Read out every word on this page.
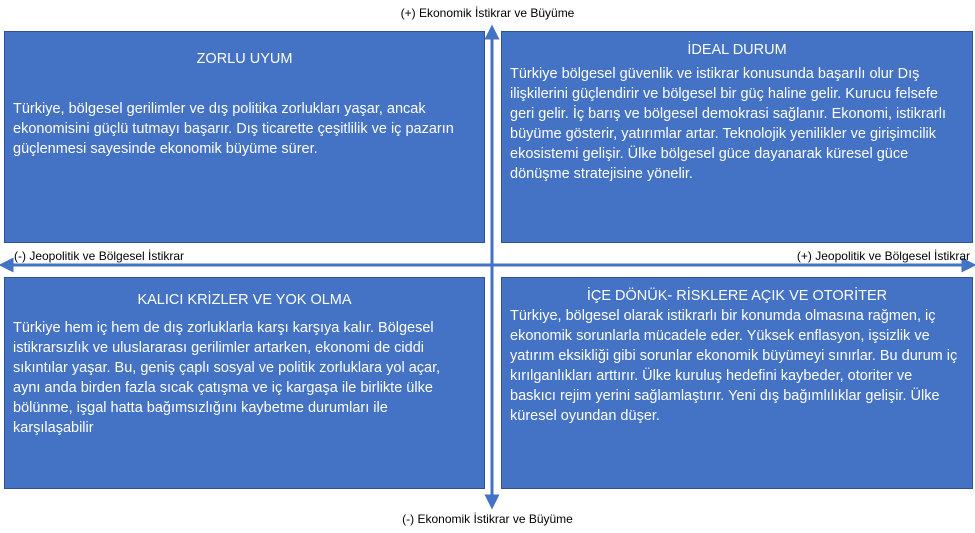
(+) Ekonomik İstikrar ve Büyüme
(-) Ekonomik İstikrar ve Büyüme
(-) Jeopolitik ve Bölgesel İstikrar	(+) Jeopolitik ve Bölgesel İstikrar
ZORLU UYUM
Türkiye, bölgesel gerilimler ve dış politika zorlukları yaşar, ancak ekonomisini güçlü tutmayı başarır. Dış ticarette çeşitlilik ve iç pazarın güçlenmesi sayesinde ekonomik büyüme sürer.
İDEAL DURUM
Türkiye bölgesel güvenlik ve istikrar konusunda başarılı olur Dış ilişkilerini güçlendirir ve bölgesel bir güç haline gelir. Kurucu felsefe geri gelir. İç barış ve bölgesel demokrasi sağlanır. Ekonomi, istikrarlı büyüme gösterir, yatırımlar artar. Teknolojik yenilikler ve girişimcilik ekosistemi gelişir. Ülke bölgesel güce dayanarak küresel güce dönüşme stratejisine yönelir.
KALICI KRİZLER VE YOK OLMA
Türkiye hem iç hem de dış zorluklarla karşı karşıya kalır. Bölgesel istikrarsızlık ve uluslararası gerilimler artarken, ekonomi de ciddi sıkıntılar yaşar. Bu, geniş çaplı sosyal ve politik zorluklara yol açar, aynı anda birden fazla sıcak çatışma ve iç kargaşa ile birlikte ülke bölünme, işgal hatta bağımsızlığını kaybetme durumları ile karşılaşabilir
İÇE DÖNÜK- RİSKLERE AÇIK VE OTORİTER
Türkiye, bölgesel olarak istikrarlı bir konumda olmasına rağmen, iç ekonomik sorunlarla mücadele eder. Yüksek enflasyon, işsizlik ve yatırım eksikliği gibi sorunlar ekonomik büyümeyi sınırlar. Bu durum iç kırılganlıkları arttırır. Ülke kuruluş hedefini kaybeder, otoriter ve baskıcı rejim yerini sağlamlaştırır. Yeni dış bağımlılıklar gelişir. Ülke küresel oyundan düşer.
